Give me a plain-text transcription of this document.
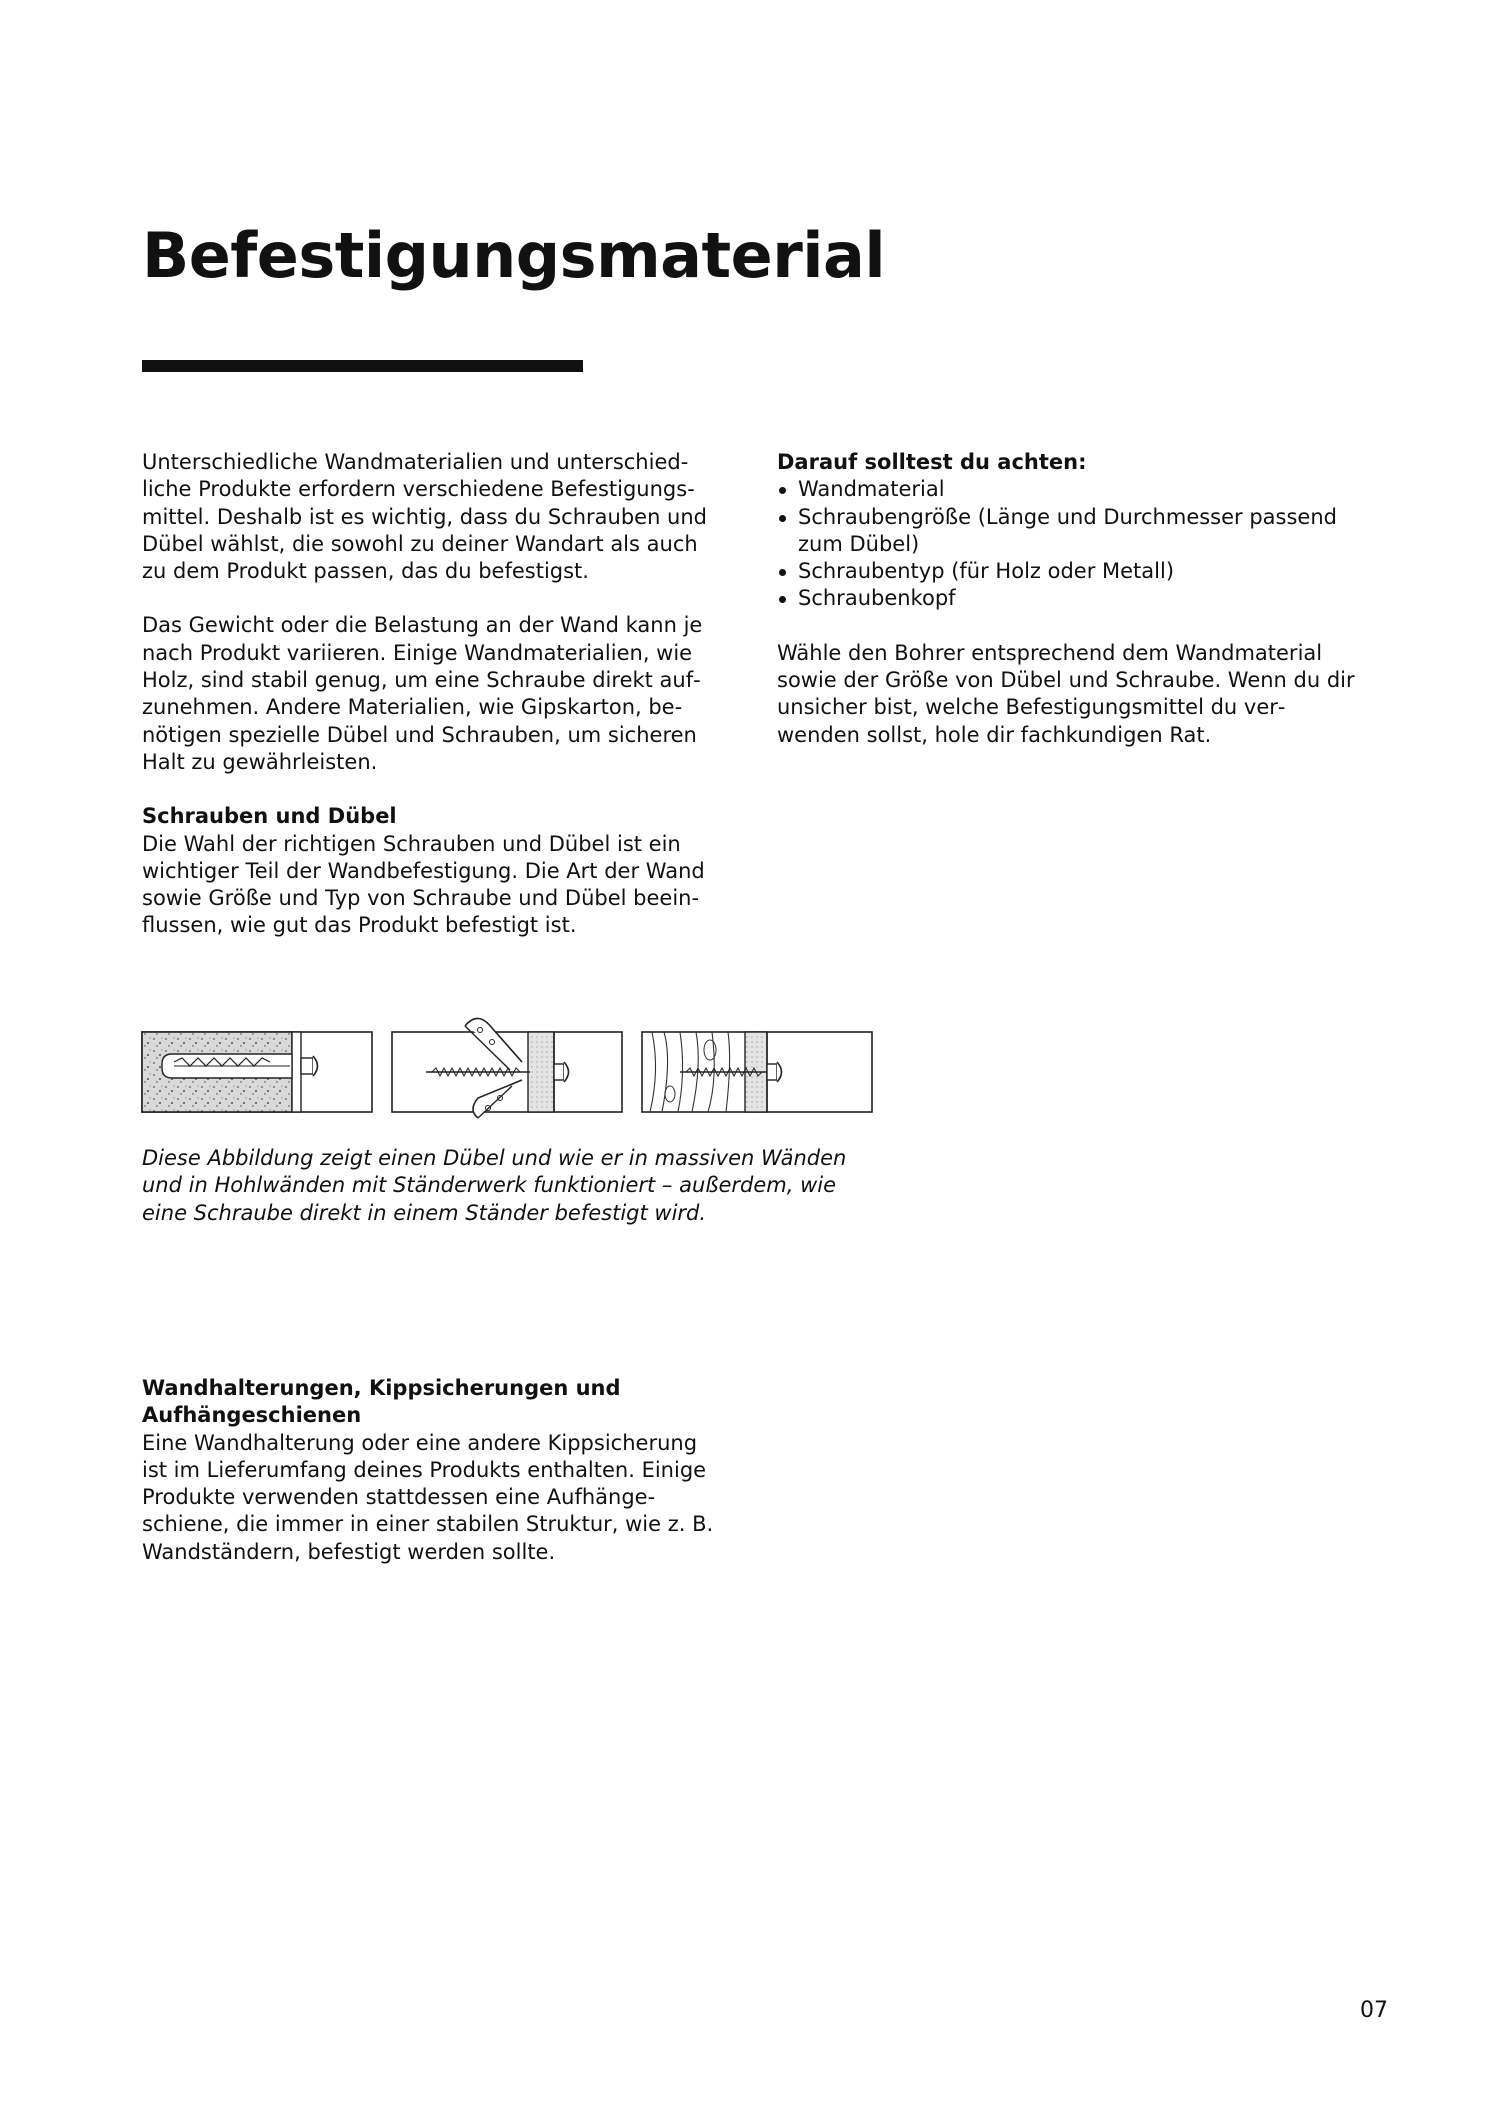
Befestigungsmaterial

Unterschiedliche Wandmaterialien und unterschiedliche Produkte erfordern verschiedene Befestigungsmittel. Deshalb ist es wichtig, dass du Schrauben und Dübel wählst, die sowohl zu deiner Wandart als auch zu dem Produkt passen, das du befestigst.

Das Gewicht oder die Belastung an der Wand kann je nach Produkt variieren. Einige Wandmaterialien, wie Holz, sind stabil genug, um eine Schraube direkt aufzunehmen. Andere Materialien, wie Gipskarton, benötigen spezielle Dübel und Schrauben, um sicheren Halt zu gewährleisten.

Schrauben und Dübel

Die Wahl der richtigen Schrauben und Dübel ist ein wichtiger Teil der Wandbefestigung. Die Art der Wand sowie Größe und Typ von Schraube und Dübel beeinflussen, wie gut das Produkt befestigt ist.

Darauf solltest du achten:
Wandmaterial
Schraubengröße (Länge und Durchmesser passend zum Dübel)
Schraubentyp (für Holz oder Metall)
Schraubenkopf

Wähle den Bohrer entsprechend dem Wandmaterial sowie der Größe von Dübel und Schraube. Wenn du dir unsicher bist, welche Befestigungsmittel du verwenden sollst, hole dir fachkundigen Rat.

Diese Abbildung zeigt einen Dübel und wie er in massiven Wänden und in Hohlwänden mit Ständerwerk funktioniert – außerdem, wie eine Schraube direkt in einem Ständer befestigt wird.

Wandhalterungen, Kippsicherungen und Aufhängeschienen

Eine Wandhalterung oder eine andere Kippsicherung ist im Lieferumfang deines Produkts enthalten. Einige Produkte verwenden stattdessen eine Aufhängeschiene, die immer in einer stabilen Struktur, wie z. B. Wandständern, befestigt werden sollte.

07
